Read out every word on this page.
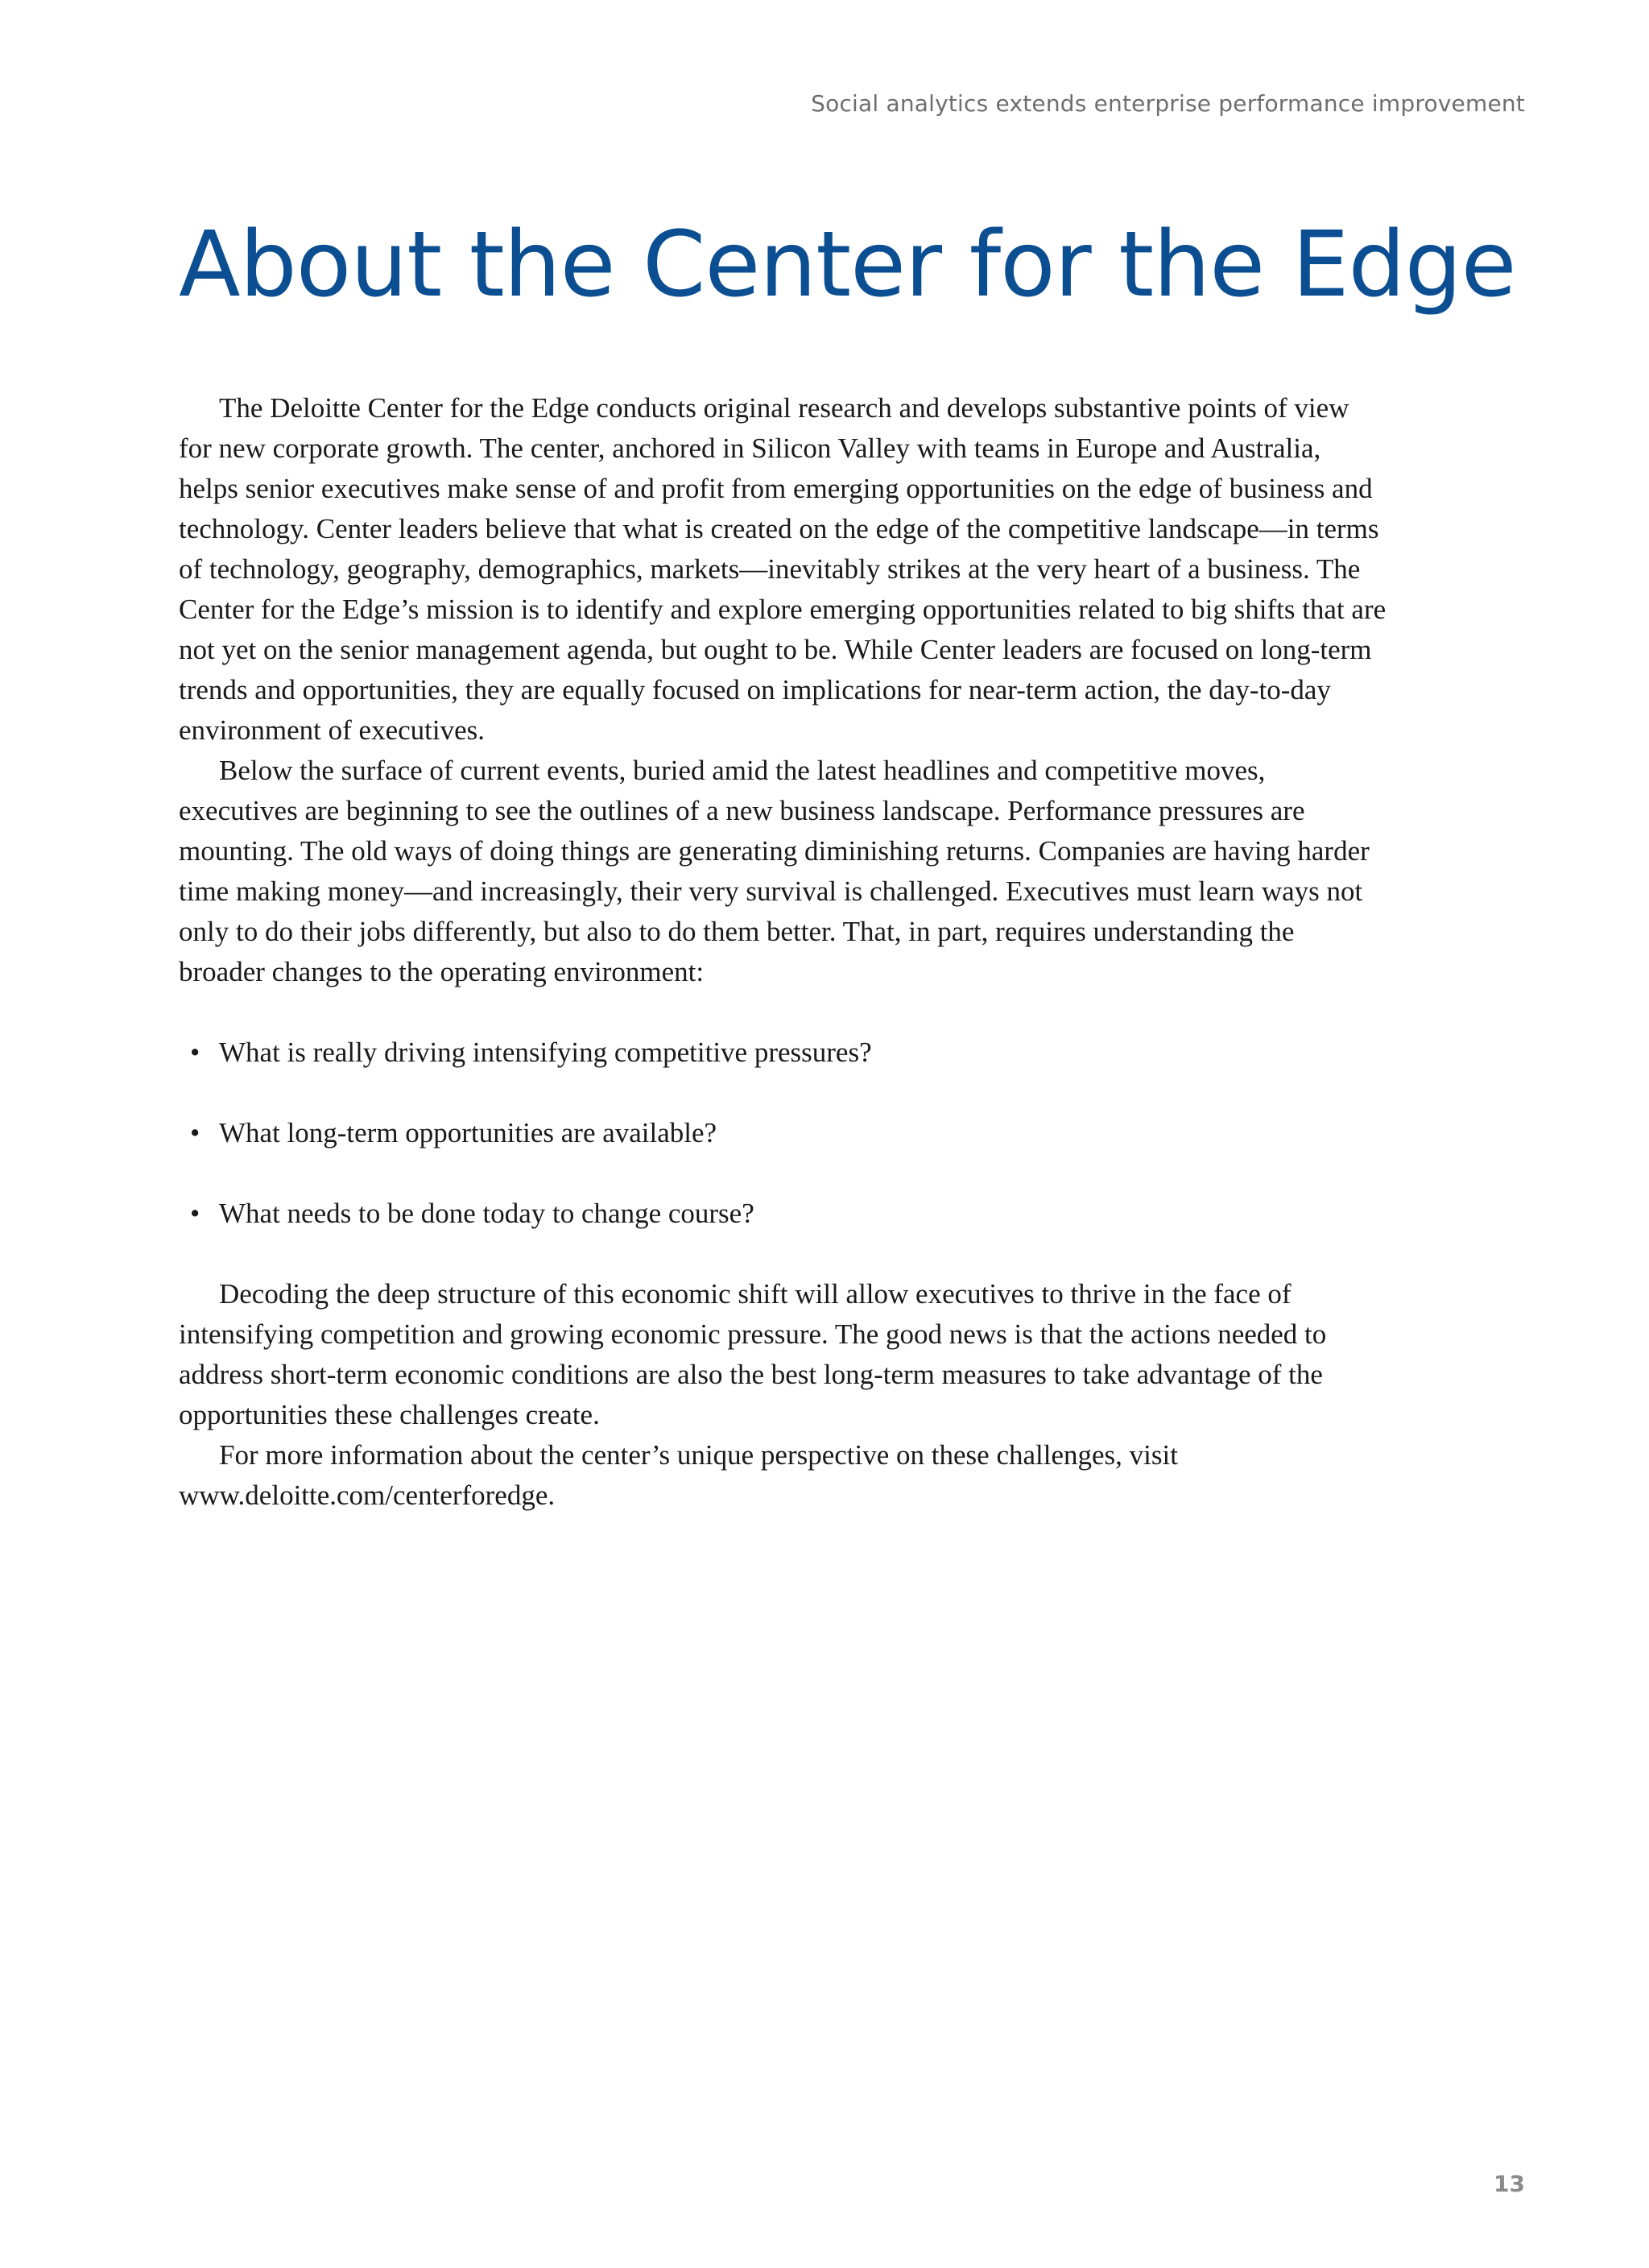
Social analytics extends enterprise performance improvement
About the Center for the Edge

The Deloitte Center for the Edge conducts original research and develops substantive points of view for new corporate growth. The center, anchored in Silicon Valley with teams in Europe and Australia, helps senior executives make sense of and profit from emerging opportunities on the edge of business and technology. Center leaders believe that what is created on the edge of the competitive landscape—in terms of technology, geography, demographics, markets—inevitably strikes at the very heart of a business. The Center for the Edge’s mission is to identify and explore emerging opportunities related to big shifts that are not yet on the senior management agenda, but ought to be. While Center leaders are focused on long-term trends and opportunities, they are equally focused on implications for near-term action, the day-to-day environment of executives.

Below the surface of current events, buried amid the latest headlines and competitive moves, executives are beginning to see the outlines of a new business landscape. Performance pressures are mounting. The old ways of doing things are generating diminishing returns. Companies are having harder time making money—and increasingly, their very survival is challenged. Executives must learn ways not only to do their jobs differently, but also to do them better. That, in part, requires understanding the broader changes to the operating environment:

• What is really driving intensifying competitive pressures?
• What long-term opportunities are available?
• What needs to be done today to change course?

Decoding the deep structure of this economic shift will allow executives to thrive in the face of intensifying competition and growing economic pressure. The good news is that the actions needed to address short-term economic conditions are also the best long-term measures to take advantage of the opportunities these challenges create.

For more information about the center’s unique perspective on these challenges, visit www.deloitte.com/centerforedge.

13
